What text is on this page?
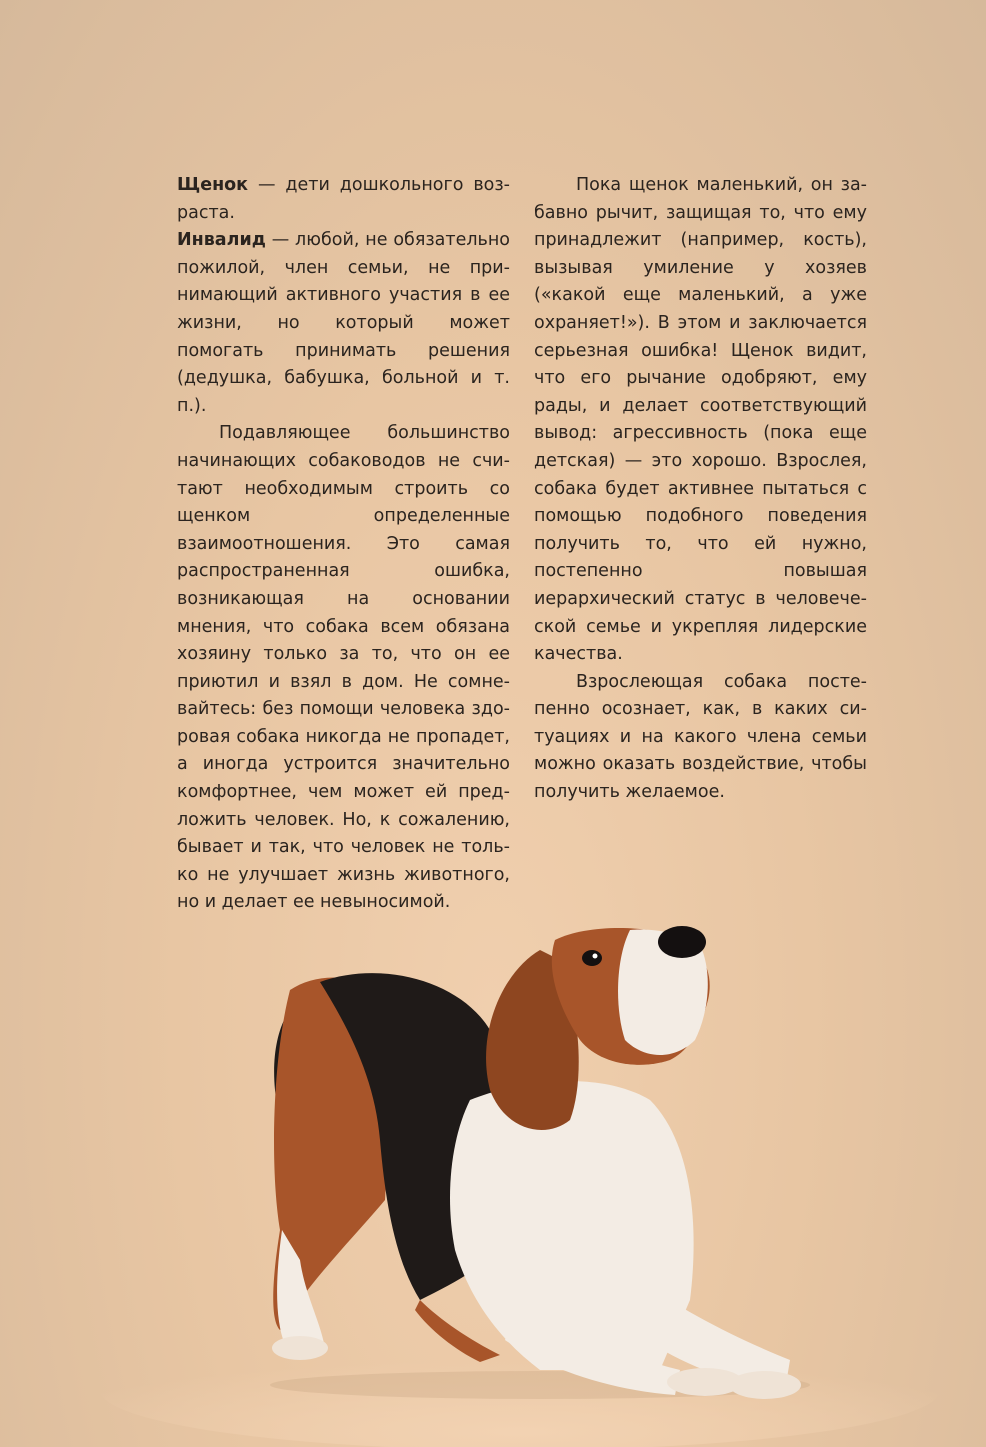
Щенок — дети дошкольного возраста.

Инвалид — любой, не обязательно пожилой, член семьи, не принимающий активного участия в ее жизни, но который может помогать принимать решения (дедушка, бабушка, больной и т. п.).

Подавляющее большинство начинающих собаководов не считают необходимым строить со щенком определенные взаимоотношения. Это самая распространенная ошибка, возникающая на основании мнения, что собака всем обязана хозяину только за то, что он ее приютил и взял в дом. Не сомневайтесь: без помощи человека здоровая собака никогда не пропадет, а иногда устроится значительно комфортнее, чем может ей предложить человек. Но, к сожалению, бывает и так, что человек не только не улучшает жизнь животного, но и делает ее невыносимой.

Пока щенок маленький, он забавно рычит, защищая то, что ему принадлежит (например, кость), вызывая умиление у хозяев («какой еще маленький, а уже охраняет!»). В этом и заключается серьезная ошибка! Щенок видит, что его рычание одобряют, ему рады, и делает соответствующий вывод: агрессивность (пока еще детская) — это хорошо. Взрослея, собака будет активнее пытаться с помощью подобного поведения получить то, что ей нужно, постепенно повышая иерархический статус в человеческой семье и укрепляя лидерские качества.

Взрослеющая собака постепенно осознает, как, в каких ситуациях и на какого члена семьи можно оказать воздействие, чтобы получить желаемое.
